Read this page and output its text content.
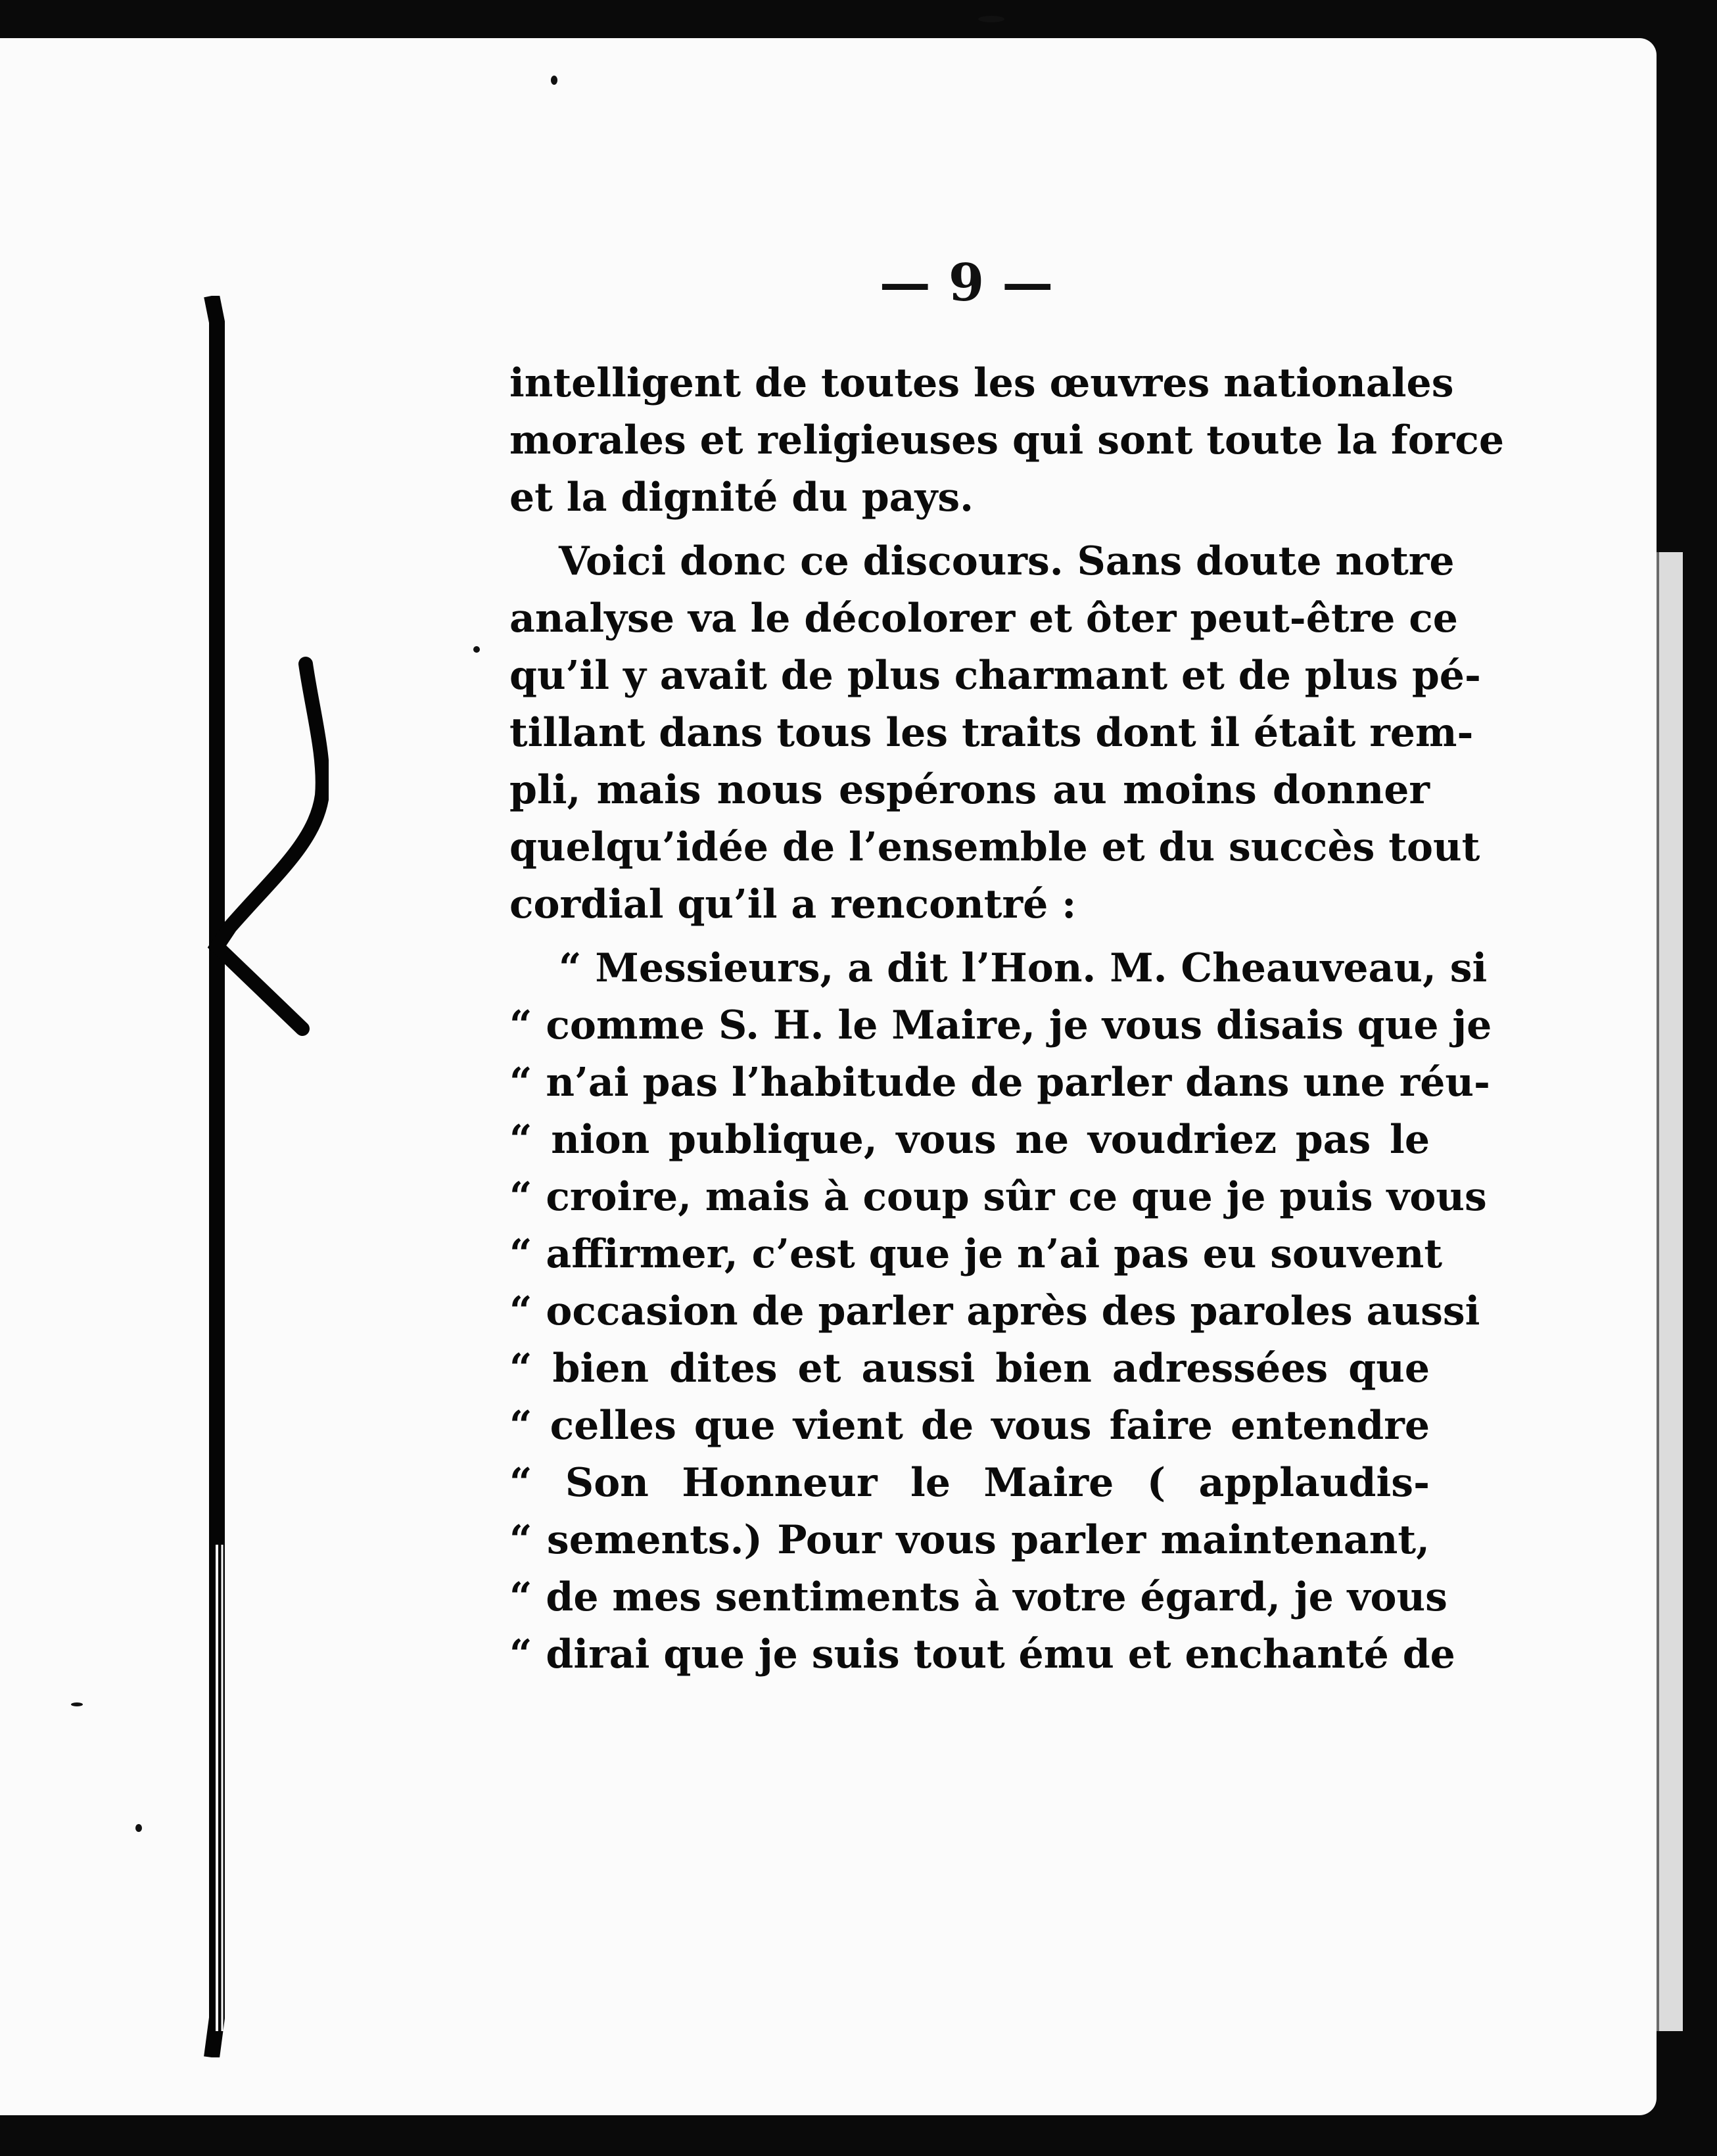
— 9 —

intelligent de toutes les œuvres nationales
morales et religieuses qui sont toute la force
et la dignité du pays.

Voici donc ce discours. Sans doute notre
analyse va le décolorer et ôter peut-être ce
qu’il y avait de plus charmant et de plus pé-
tillant dans tous les traits dont il était rem-
pli, mais nous espérons au moins donner
quelqu’idée de l’ensemble et du succès tout
cordial qu’il a rencontré :

“ Messieurs, a dit l’Hon. M. Cheauveau, si
“ comme S. H. le Maire, je vous disais que je
“ n’ai pas l’habitude de parler dans une réu-
“ nion publique, vous ne voudriez pas le
“ croire, mais à coup sûr ce que je puis vous
“ affirmer, c’est que je n’ai pas eu souvent
“ occasion de parler après des paroles aussi
“ bien dites et aussi bien adressées que
“ celles que vient de vous faire entendre
“ Son Honneur le Maire ( applaudis-
“ sements.) Pour vous parler maintenant,
“ de mes sentiments à votre égard, je vous
“ dirai que je suis tout ému et enchanté de
